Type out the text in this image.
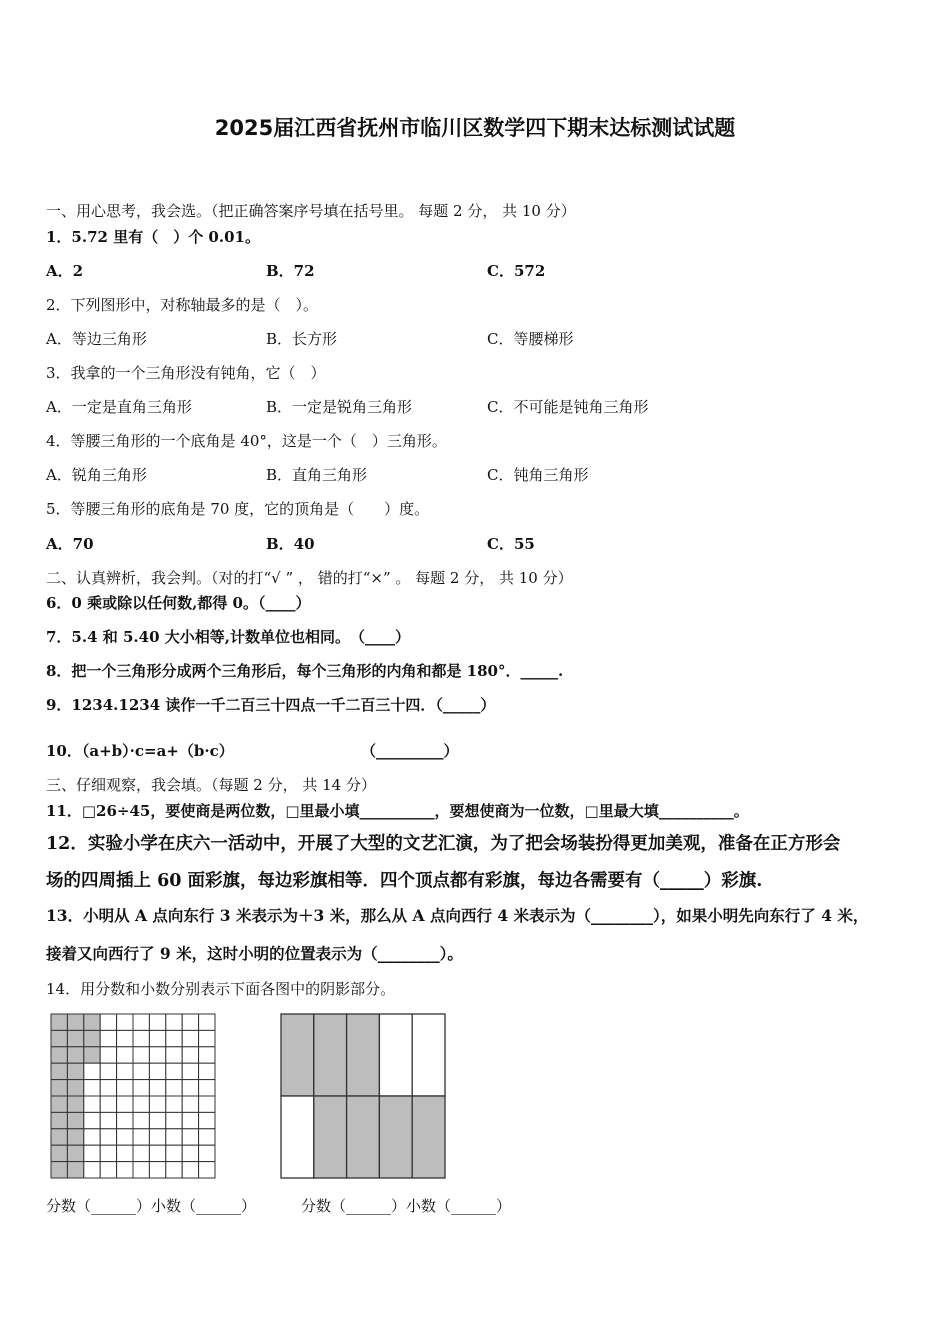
2025届江西省抚州市临川区数学四下期末达标测试试题
一、用心思考，我会选。（把正确答案序号填在括号里。 每题 2 分， 共 10 分）
1．5.72 里有（　）个 0.01。
A．2	B．72	C．572
2．下列图形中，对称轴最多的是（　）。
A．等边三角形	B．长方形	C．等腰梯形
3．我拿的一个三角形没有钝角，它（　）
A．一定是直角三角形	B．一定是锐角三角形	C．不可能是钝角三角形
4．等腰三角形的一个底角是 40°，这是一个（　）三角形。
A．锐角三角形	B．直角三角形	C．钝角三角形
5．等腰三角形的底角是 70 度，它的顶角是（　　）度。
A．70	B．40	C．55
二、认真辨析，我会判。（对的打“√ ” ， 错的打“×” 。 每题 2 分， 共 10 分）
6．0 乘或除以任何数,都得 0。（____）
7．5.4 和 5.40 大小相等,计数单位也相同。　（____）
8．把一个三角形分成两个三角形后，每个三角形的内角和都是 180°．_____.
9．1234.1234 读作一千二百三十四点一千二百三十四．（_____）
10．（a+b）·c=a+（b·c）	（_________）
三、仔细观察，我会填。（每题 2 分， 共 14 分）
11．□26÷45，要使商是两位数，□里最小填__________，要想使商为一位数，□里最大填__________。
12．实验小学在庆六一活动中，开展了大型的文艺汇演，为了把会场装扮得更加美观，准备在正方形会
场的四周插上 60 面彩旗，每边彩旗相等．四个顶点都有彩旗，每边各需要有（_____）彩旗.
13．小明从 A 点向东行 3 米表示为＋3 米，那么从 A 点向西行 4 米表示为（________），如果小明先向东行了 4 米，
接着又向西行了 9 米，这时小明的位置表示为（________）。
14．用分数和小数分别表示下面各图中的阴影部分。
分数（______）小数（______）	分数（______）小数（______）
